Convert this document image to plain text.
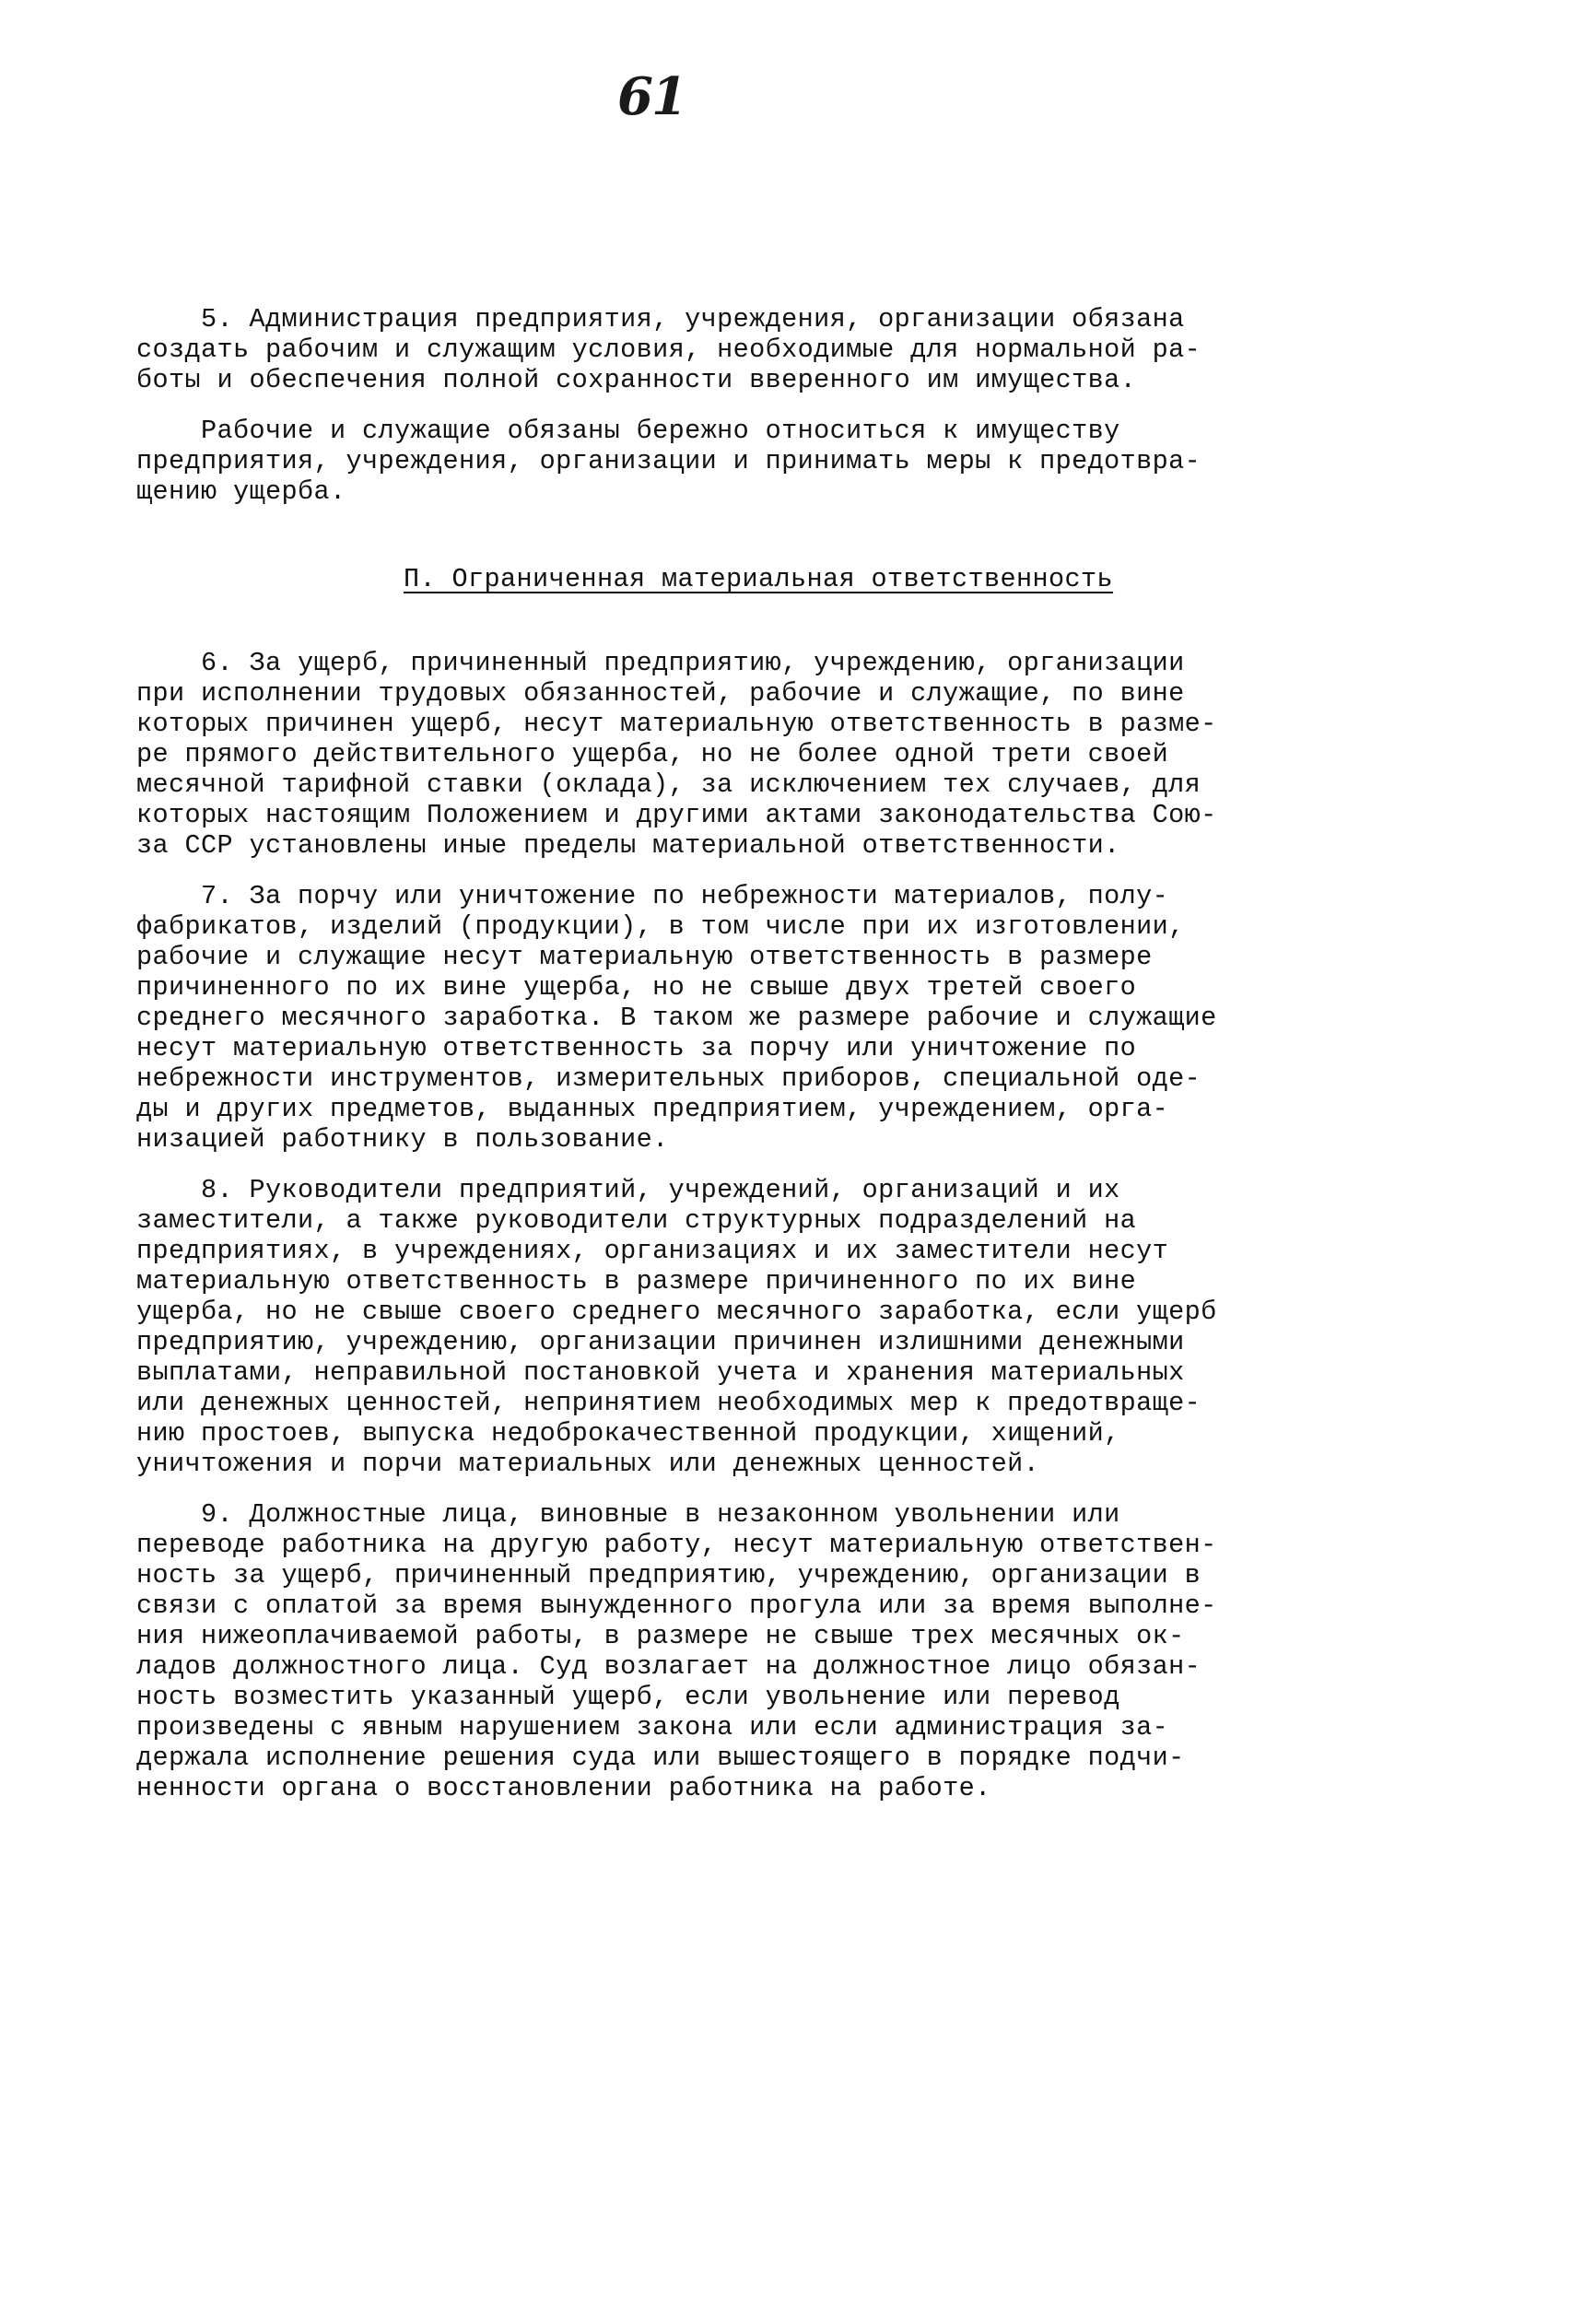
61
5. Администрация предприятия, учреждения, организации обязана
создать рабочим и служащим условия, необходимые для нормальной ра-
боты и обеспечения полной сохранности вверенного им имущества.
Рабочие и служащие обязаны бережно относиться к имуществу
предприятия, учреждения, организации и принимать меры к предотвра-
щению ущерба.
П. Ограниченная материальная ответственность
6. За ущерб, причиненный предприятию, учреждению, организации
при исполнении трудовых обязанностей, рабочие и служащие, по вине
которых причинен ущерб, несут материальную ответственность в разме-
ре прямого действительного ущерба, но не более одной трети своей
месячной тарифной ставки (оклада), за исключением тех случаев, для
которых настоящим Положением и другими актами законодательства Сою-
за ССР установлены иные пределы материальной ответственности.
7. За порчу или уничтожение по небрежности материалов, полу-
фабрикатов, изделий (продукции), в том числе при их изготовлении,
рабочие и служащие несут материальную ответственность в размере
причиненного по их вине ущерба, но не свыше двух третей своего
среднего месячного заработка. В таком же размере рабочие и служащие
несут материальную ответственность за порчу или уничтожение по
небрежности инструментов, измерительных приборов, специальной оде-
ды и других предметов, выданных предприятием, учреждением, орга-
низацией работнику в пользование.
8. Руководители предприятий, учреждений, организаций и их
заместители, а также руководители структурных подразделений на
предприятиях, в учреждениях, организациях и их заместители несут
материальную ответственность в размере причиненного по их вине
ущерба, но не свыше своего среднего месячного заработка, если ущерб
предприятию, учреждению, организации причинен излишними денежными
выплатами, неправильной постановкой учета и хранения материальных
или денежных ценностей, непринятием необходимых мер к предотвраще-
нию простоев, выпуска недоброкачественной продукции, хищений,
уничтожения и порчи материальных или денежных ценностей.
9. Должностные лица, виновные в незаконном увольнении или
переводе работника на другую работу, несут материальную ответствен-
ность за ущерб, причиненный предприятию, учреждению, организации в
связи с оплатой за время вынужденного прогула или за время выполне-
ния нижеоплачиваемой работы, в размере не свыше трех месячных ок-
ладов должностного лица. Суд возлагает на должностное лицо обязан-
ность возместить указанный ущерб, если увольнение или перевод
произведены с явным нарушением закона или если администрация за-
держала исполнение решения суда или вышестоящего в порядке подчи-
ненности органа о восстановлении работника на работе.
